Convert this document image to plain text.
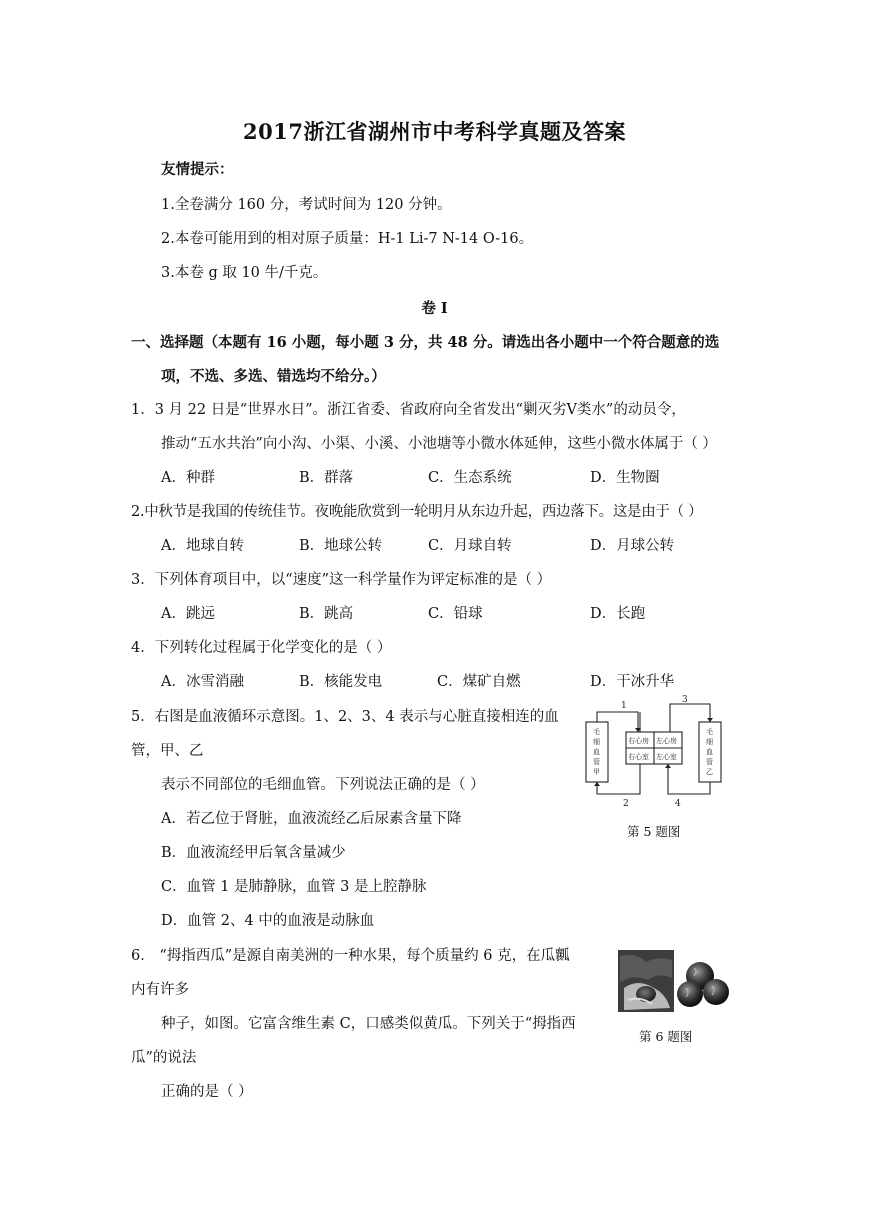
2017浙江省湖州市中考科学真题及答案
友情提示：
1.全卷满分 160 分，考试时间为 120 分钟。
2.本卷可能用到的相对原子质量：H-1 Li-7 N-14 O-16。
3.本卷 g 取 10 牛/千克。
卷 I
一、选择题（本题有 16 小题，每小题 3 分，共 48 分。请选出各小题中一个符合题意的选
项，不选、多选、错选均不给分。）
1．3 月 22 日是“世界水日”。浙江省委、省政府向全省发出“剿灭劣Ⅴ类水”的动员令，
推动“五水共治”向小沟、小渠、小溪、小池塘等小微水体延伸，这些小微水体属于（ ）
A．种群	B．群落	C．生态系统	D．生物圈
2.中秋节是我国的传统佳节。夜晚能欣赏到一轮明月从东边升起，西边落下。这是由于（ ）
A．地球自转	B．地球公转	C．月球自转	D．月球公转
3．下列体育项目中，以“速度”这一科学量作为评定标准的是（ ）
A．跳远	B．跳高	C．铅球	D．长跑
4．下列转化过程属于化学变化的是（ ）
A．冰雪消融	B．核能发电	C．煤矿自燃	D．干冰升华
5．右图是血液循环示意图。1、2、3、4 表示与心脏直接相连的血
管，甲、乙
表示不同部位的毛细血管。下列说法正确的是（ ）
A．若乙位于肾脏，血液流经乙后尿素含量下降
B．血液流经甲后氧含量减少
C．血管 1 是肺静脉，血管 3 是上腔静脉
D．血管 2、4 中的血液是动脉血
1
2
3
4
右心房 左心房
右心室 左心室
毛
细
血
管
甲
毛
细
血
管
乙
第 5 题图
6． “拇指西瓜”是源自南美洲的一种水果，每个质量约 6 克，在瓜瓤
内有许多
种子，如图。它富含维生素 C，口感类似黄瓜。下列关于“拇指西
瓜”的说法
正确的是（ ）
第 6 题图
